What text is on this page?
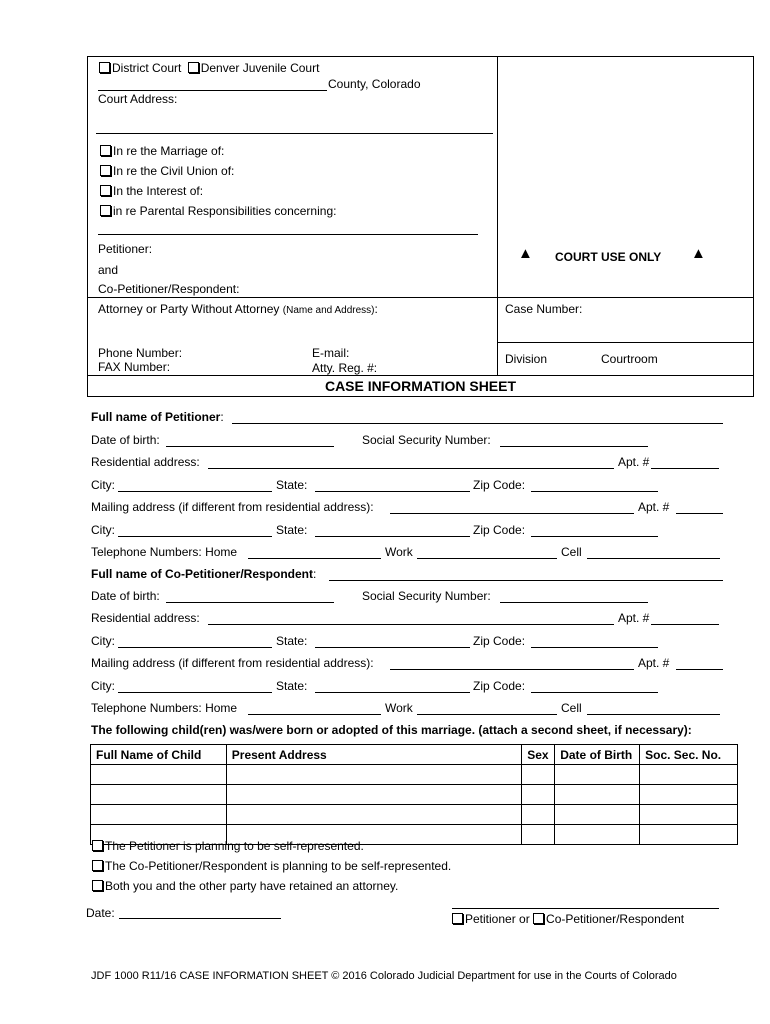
District Court Denver Juvenile Court
County, Colorado
Court Address:
In re the Marriage of:
In re the Civil Union of:
In the Interest of:
in re Parental Responsibilities concerning:
Petitioner:
and
Co-Petitioner/Respondent:
▲ COURT USE ONLY ▲
Attorney or Party Without Attorney (Name and Address):	Case Number:
Phone Number:
FAX Number:
E-mail:
Atty. Reg. #:
Division	Courtroom
CASE INFORMATION SHEET
Full name of Petitioner:
Date of birth:	Social Security Number:
Residential address:	Apt. #
City:	State:	Zip Code:
Mailing address (if different from residential address):	Apt. #
City:	State:	Zip Code:
Telephone Numbers: Home	Work	Cell
Full name of Co-Petitioner/Respondent:
Date of birth:	Social Security Number:
Residential address:	Apt. #
City:	State:	Zip Code:
Mailing address (if different from residential address):	Apt. #
City:	State:	Zip Code:
Telephone Numbers: Home	Work	Cell
The following child(ren) was/were born or adopted of this marriage. (attach a second sheet, if necessary):
Full Name of Child	Present Address	Sex	Date of Birth	Soc. Sec. No.

The Petitioner is planning to be self-represented.
The Co-Petitioner/Respondent is planning to be self-represented.
Both you and the other party have retained an attorney.
Date:	Petitioner or Co-Petitioner/Respondent
JDF 1000 R11/16 CASE INFORMATION SHEET © 2016 Colorado Judicial Department for use in the Courts of Colorado
